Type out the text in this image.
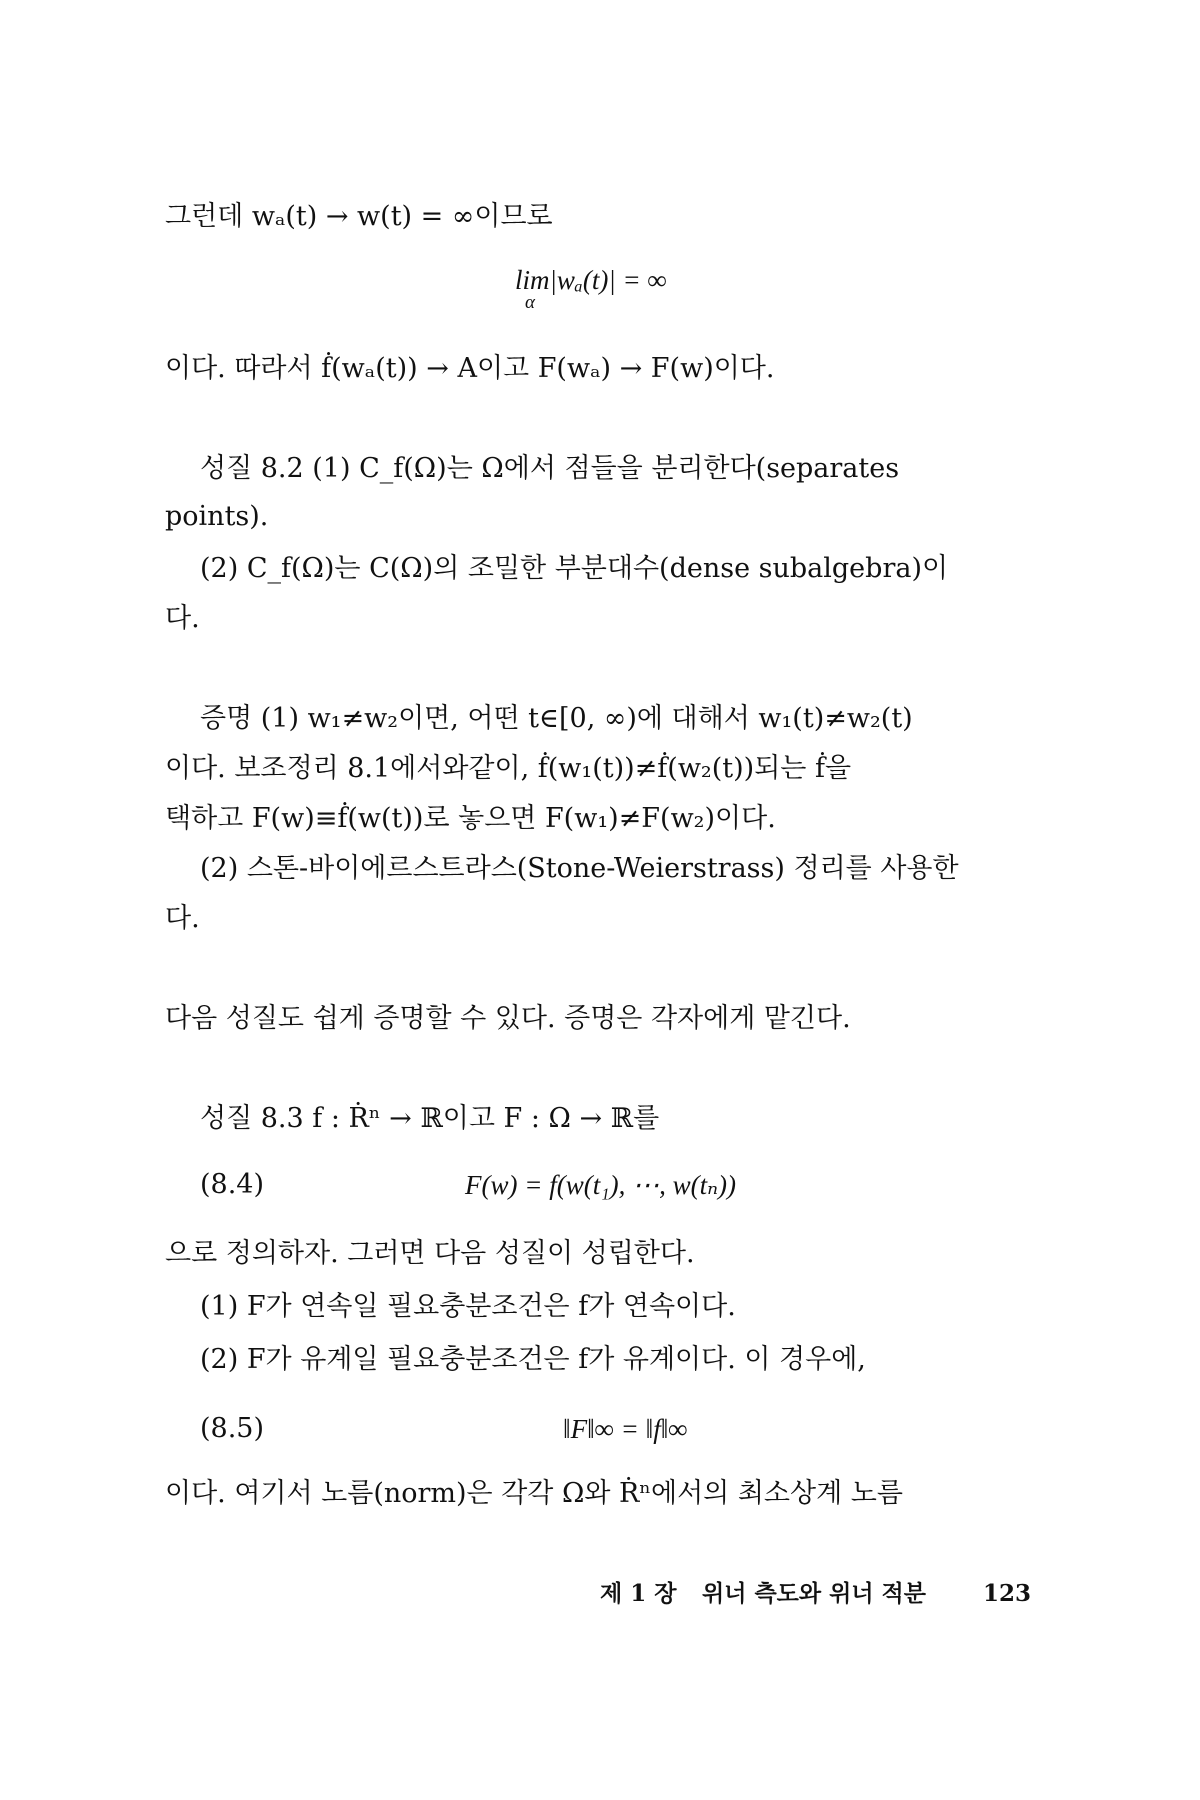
그런데 wₐ(t) → w(t) = ∞이므로
lim|wₐ(t)| = ∞
α
이다. 따라서 ḟ(wₐ(t)) → A이고 F(wₐ) → F(w)이다.
성질 8.2 (1) C_f(Ω)는 Ω에서 점들을 분리한다(separates
points).
(2) C_f(Ω)는 C(Ω)의 조밀한 부분대수(dense subalgebra)이
다.
증명 (1) w₁≠w₂이면, 어떤 t∈[0, ∞)에 대해서 w₁(t)≠w₂(t)
이다. 보조정리 8.1에서와같이, ḟ(w₁(t))≠ḟ(w₂(t))되는 ḟ을
택하고 F(w)≡ḟ(w(t))로 놓으면 F(w₁)≠F(w₂)이다.
(2) 스톤-바이에르스트라스(Stone-Weierstrass) 정리를 사용한
다.
다음 성질도 쉽게 증명할 수 있다. 증명은 각자에게 맡긴다.
성질 8.3 f : Ṙⁿ → ℝ이고 F : Ω → ℝ를
(8.4)	F(w) = f(w(t₁), ⋯, w(tₙ))
으로 정의하자. 그러면 다음 성질이 성립한다.
(1) F가 연속일 필요충분조건은 f가 연속이다.
(2) F가 유계일 필요충분조건은 f가 유계이다. 이 경우에,
(8.5)	‖F‖∞ = ‖f‖∞
이다. 여기서 노름(norm)은 각각 Ω와 Ṙⁿ에서의 최소상계 노름
제 1 장 위너 측도와 위너 적분 123
